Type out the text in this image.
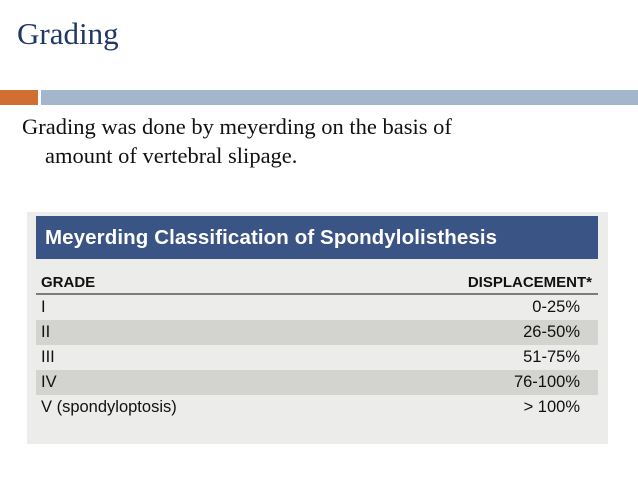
Grading
Grading was done by meyerding on the basis of
amount of vertebral slipage.
Meyerding Classification of Spondylolisthesis
GRADE	DISPLACEMENT*
I	0-25%
II	26-50%
III	51-75%
IV	76-100%
V (spondyloptosis)	> 100%
